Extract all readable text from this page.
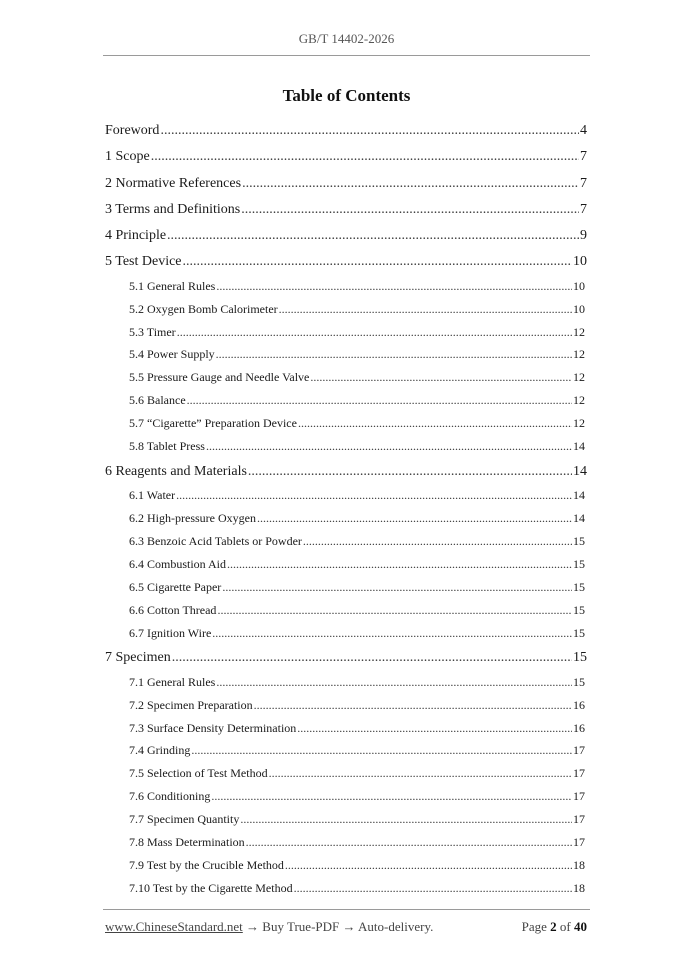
GB/T 14402-2026
Table of Contents
Foreword .....	4
1 Scope .....	7
2 Normative References .....	7
3 Terms and Definitions .....	7
4 Principle .....	9
5 Test Device .....	10
5.1 General Rules .....	10
5.2 Oxygen Bomb Calorimeter .....	10
5.3 Timer .....	12
5.4 Power Supply .....	12
5.5 Pressure Gauge and Needle Valve .....	12
5.6 Balance .....	12
5.7 “Cigarette” Preparation Device .....	12
5.8 Tablet Press .....	14
6 Reagents and Materials .....	14
6.1 Water .....	14
6.2 High-pressure Oxygen .....	14
6.3 Benzoic Acid Tablets or Powder .....	15
6.4 Combustion Aid .....	15
6.5 Cigarette Paper .....	15
6.6 Cotton Thread .....	15
6.7 Ignition Wire .....	15
7 Specimen .....	15
7.1 General Rules .....	15
7.2 Specimen Preparation .....	16
7.3 Surface Density Determination .....	16
7.4 Grinding .....	17
7.5 Selection of Test Method .....	17
7.6 Conditioning .....	17
7.7 Specimen Quantity .....	17
7.8 Mass Determination .....	17
7.9 Test by the Crucible Method .....	18
7.10 Test by the Cigarette Method .....	18
www.ChineseStandard.net → Buy True-PDF → Auto-delivery.	Page 2 of 40
